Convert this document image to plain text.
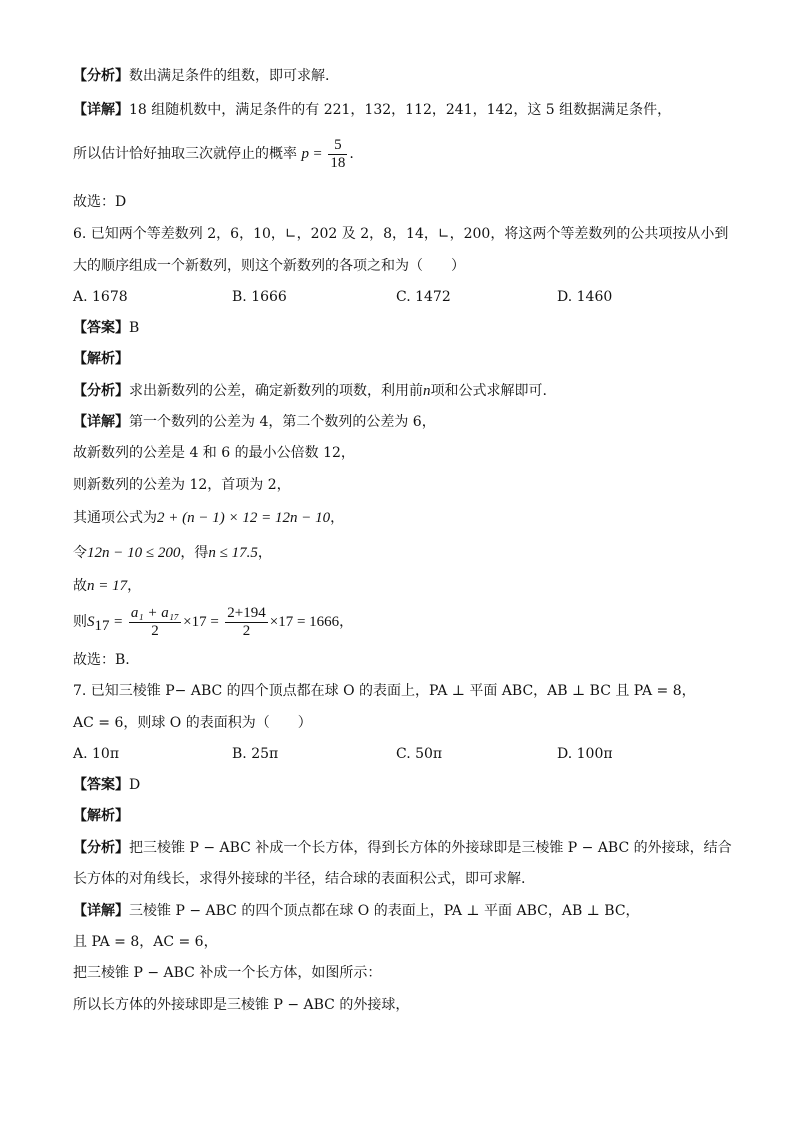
【分析】数出满足条件的组数，即可求解.
【详解】18 组随机数中，满足条件的有 221，132，112，241，142，这 5 组数据满足条件，
所以估计恰好抽取三次就停止的概率 $p = \frac{5}{18}$ .
故选：D
6. 已知两个等差数列 2，6，10，∟，202 及 2，8，14，∟，200，将这两个等差数列的公共项按从小到
大的顺序组成一个新数列，则这个新数列的各项之和为（　　）
A. 1678	B. 1666	C. 1472	D. 1460
【答案】B
【解析】
【分析】求出新数列的公差，确定新数列的项数，利用前n项和公式求解即可.
【详解】第一个数列的公差为 4，第二个数列的公差为 6，
故新数列的公差是 4 和 6 的最小公倍数 12，
则新数列的公差为 12，首项为 2，
其通项公式为2 + (n − 1) × 12 = 12n − 10，
令12n − 10 ≤ 200，得n ≤ 17.5，
故n = 17，
则$S_{17} = \frac{\text{a₁ + a₁₇}}{2} \times 17 = \frac{2+194}{2} \times 17 = 1666$，
故选：B.
7. 已知三棱锥 P− ABC 的四个顶点都在球 O 的表面上，PA ⊥ 平面 ABC，AB ⊥ BC 且 PA = 8，
AC = 6，则球 O 的表面积为（　　）
A. 10π	B. 25π	C. 50π	D. 100π
【答案】D
【解析】
【分析】把三棱锥 P − ABC 补成一个长方体，得到长方体的外接球即是三棱锥 P − ABC 的外接球，结合
长方体的对角线长，求得外接球的半径，结合球的表面积公式，即可求解.
【详解】三棱锥 P − ABC 的四个顶点都在球 O 的表面上，PA ⊥ 平面 ABC，AB ⊥ BC，
且 PA = 8，AC = 6，
把三棱锥 P − ABC 补成一个长方体，如图所示：
所以长方体的外接球即是三棱锥 P − ABC 的外接球，
